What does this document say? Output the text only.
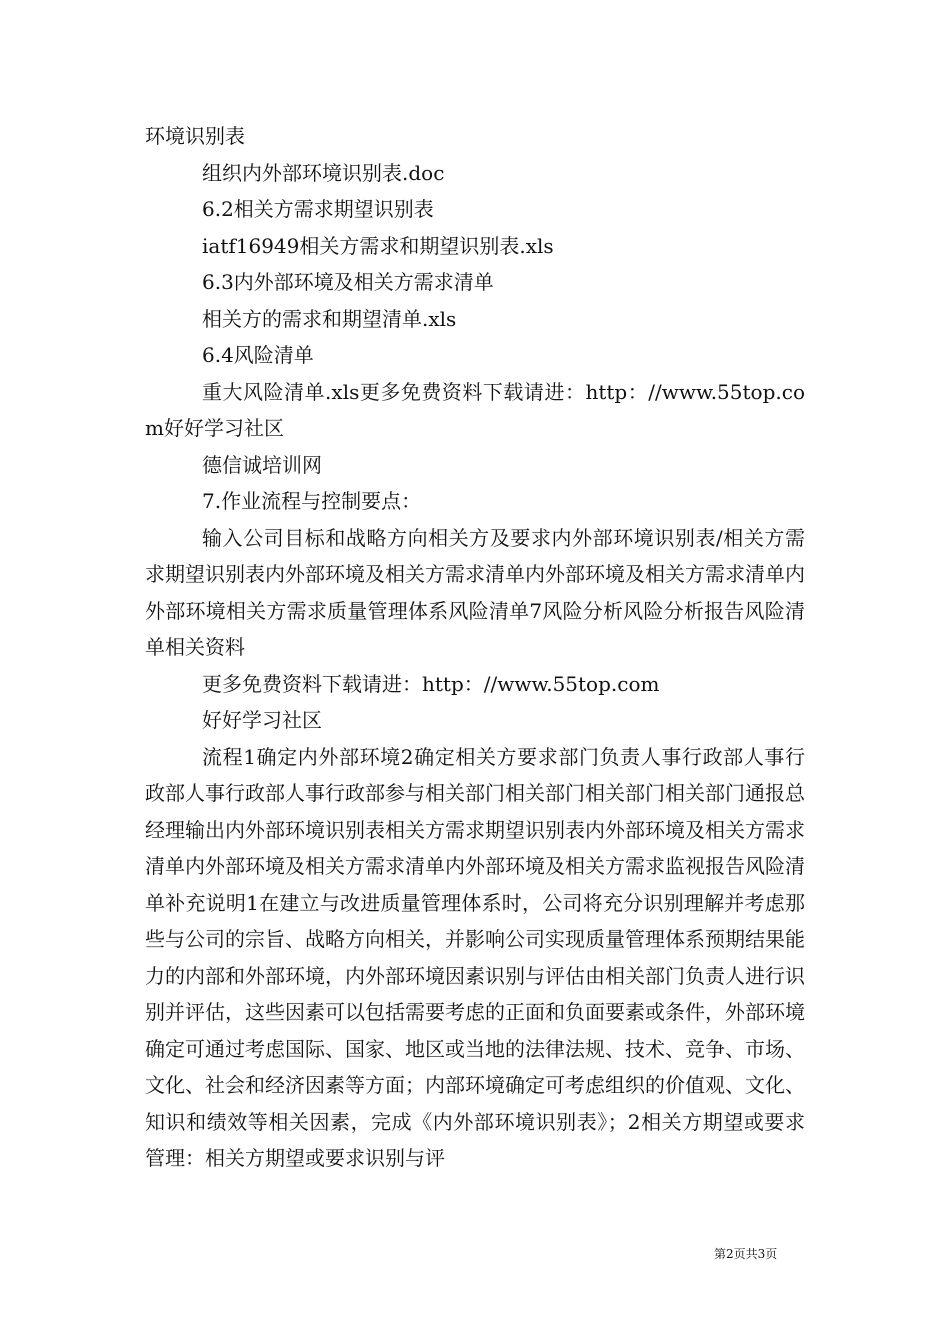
环境识别表

组织内外部环境识别表.doc

6.2相关方需求期望识别表

iatf16949相关方需求和期望识别表.xls

6.3内外部环境及相关方需求清单

相关方的需求和期望清单.xls

6.4风险清单

重大风险清单.xls更多免费资料下载请进：http：//www.55top.com好好学习社区

德信诚培训网

7.作业流程与控制要点：

输入公司目标和战略方向相关方及要求内外部环境识别表/相关方需求期望识别表内外部环境及相关方需求清单内外部环境及相关方需求清单内外部环境相关方需求质量管理体系风险清单7风险分析风险分析报告风险清单相关资料

更多免费资料下载请进：http：//www.55top.com

好好学习社区

流程1确定内外部环境2确定相关方要求部门负责人事行政部人事行政部人事行政部人事行政部参与相关部门相关部门相关部门相关部门通报总经理输出内外部环境识别表相关方需求期望识别表内外部环境及相关方需求清单内外部环境及相关方需求清单内外部环境及相关方需求监视报告风险清单补充说明1在建立与改进质量管理体系时，公司将充分识别理解并考虑那些与公司的宗旨、战略方向相关，并影响公司实现质量管理体系预期结果能力的内部和外部环境，内外部环境因素识别与评估由相关部门负责人进行识别并评估，这些因素可以包括需要考虑的正面和负面要素或条件，外部环境确定可通过考虑国际、国家、地区或当地的法律法规、技术、竞争、市场、文化、社会和经济因素等方面；内部环境确定可考虑组织的价值观、文化、知识和绩效等相关因素，完成《内外部环境识别表》；2相关方期望或要求管理：相关方期望或要求识别与评

第2页共3页
